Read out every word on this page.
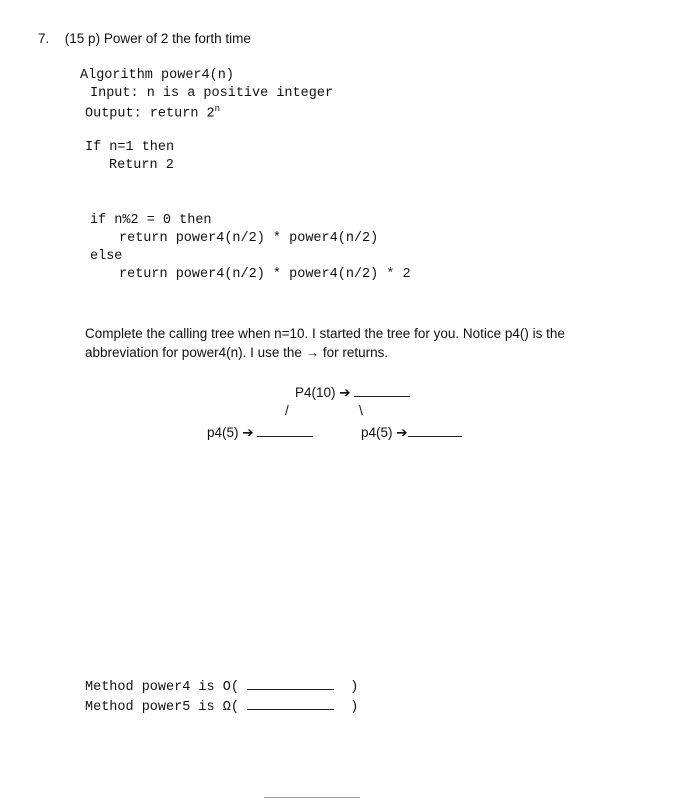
7. (15 p) Power of 2 the forth time
Algorithm power4(n)
Input: n is a positive integer
Output: return 2$^n$
If n=1 then
Return 2
if n%2 = 0 then
return power4(n/2) * power4(n/2)
else
return power4(n/2) * power4(n/2) * 2
Complete the calling tree when n=10. I started the tree for you. Notice p4() is the
abbreviation for power4(n). I use the → for returns.
P4(10) ➔
/	\
p4(5) ➔	p4(5) ➔
Method power4 is O(	)
Method power5 is Ω(	)
